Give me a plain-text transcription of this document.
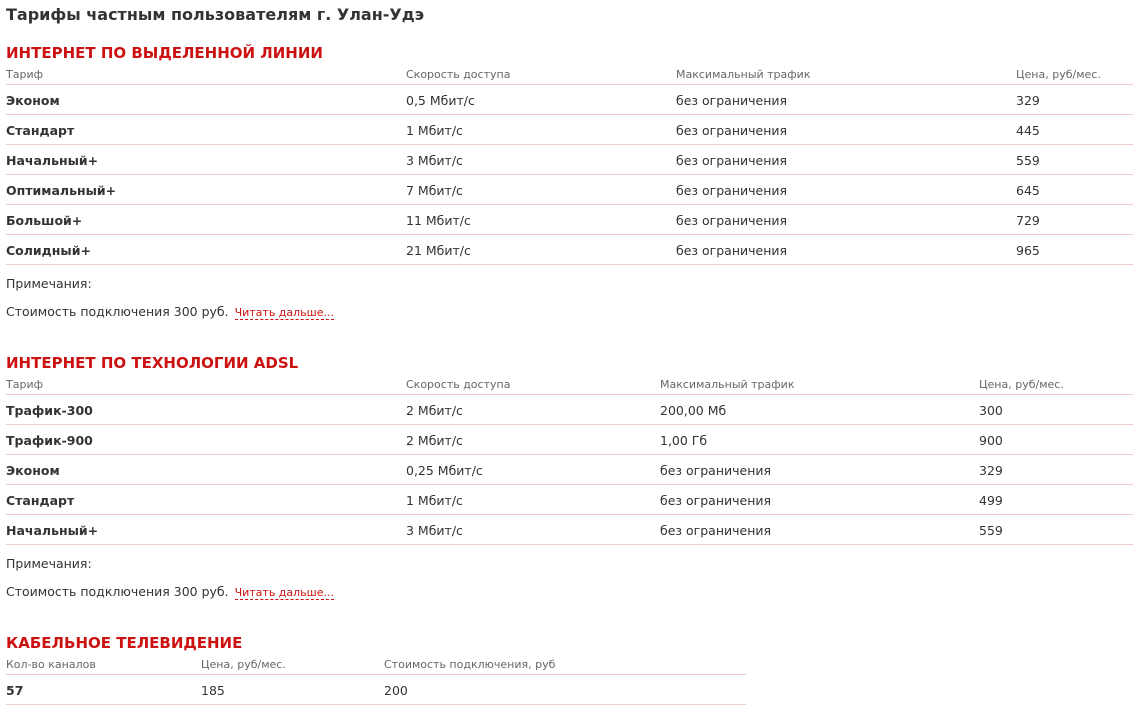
Тарифы частным пользователям г. Улан-Удэ
ИНТЕРНЕТ ПО ВЫДЕЛЕННОЙ ЛИНИИ
Тариф	Скорость доступа	Максимальный трафик	Цена, руб/мес.
Эконом	0,5 Мбит/с	без ограничения	329
Стандарт	1 Мбит/с	без ограничения	445
Начальный+	3 Мбит/с	без ограничения	559
Оптимальный+	7 Мбит/с	без ограничения	645
Большой+	11 Мбит/с	без ограничения	729
Солидный+	21 Мбит/с	без ограничения	965
Примечания:
Стоимость подключения 300 руб. Читать дальше...
ИНТЕРНЕТ ПО ТЕХНОЛОГИИ ADSL
Тариф	Скорость доступа	Максимальный трафик	Цена, руб/мес.
Трафик-300	2 Мбит/с	200,00 Мб	300
Трафик-900	2 Мбит/с	1,00 Гб	900
Эконом	0,25 Мбит/с	без ограничения	329
Стандарт	1 Мбит/с	без ограничения	499
Начальный+	3 Мбит/с	без ограничения	559
Примечания:
Стоимость подключения 300 руб. Читать дальше...
КАБЕЛЬНОЕ ТЕЛЕВИДЕНИЕ
Кол-во каналов	Цена, руб/мес.	Стоимость подключения, руб
57	185	200
